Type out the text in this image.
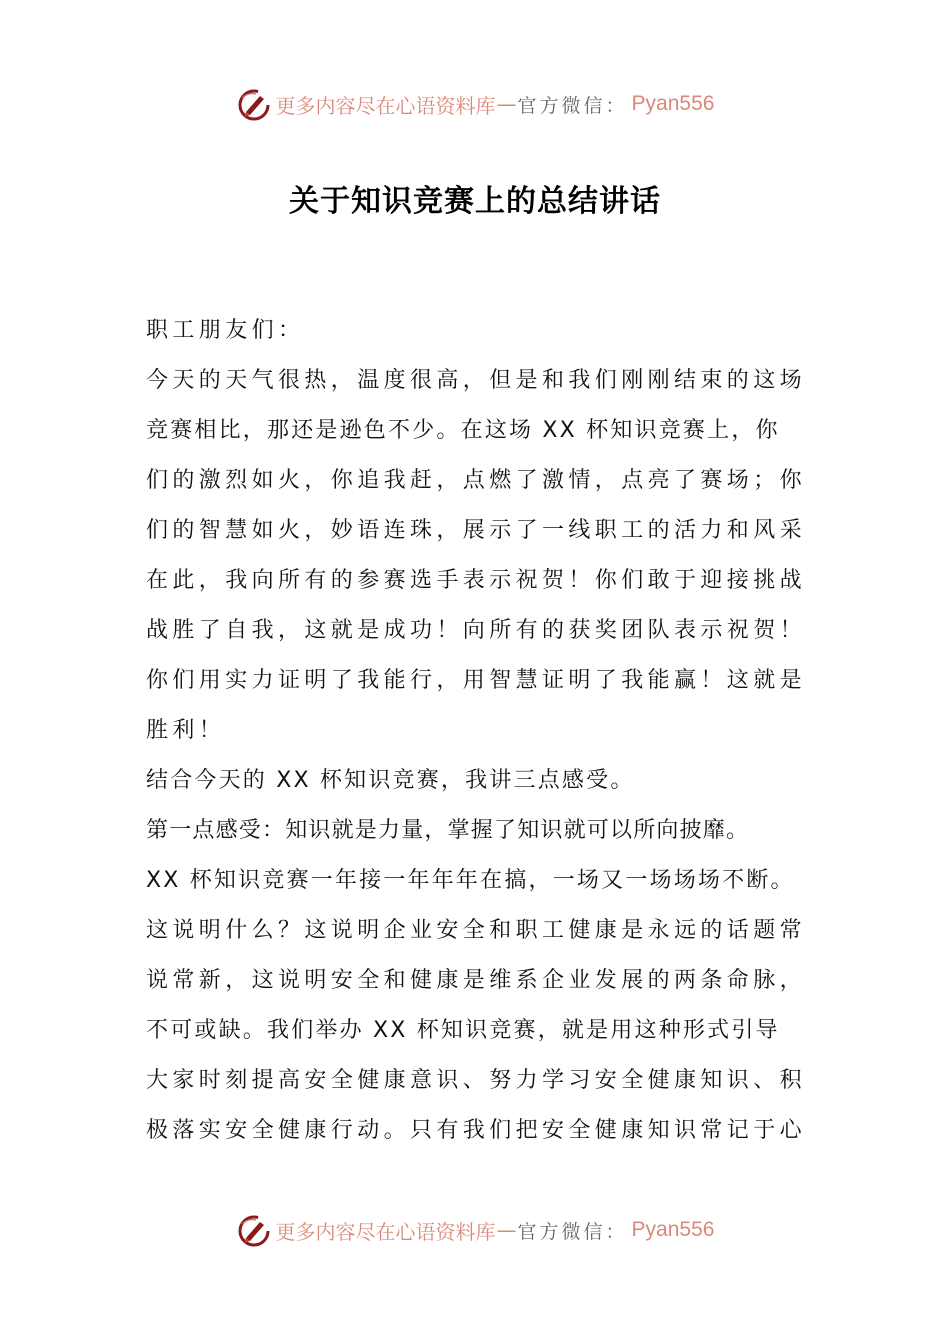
更多内容尽在心语资料库 — 官方微信： Pyan556
关于知识竞赛上的总结讲话
职工朋友们：
今天的天气很热，温度很高，但是和我们刚刚结束的这场
竞赛相比，那还是逊色不少。在这场 XX 杯知识竞赛上，你
们的激烈如火，你追我赶，点燃了激情，点亮了赛场；你
们的智慧如火，妙语连珠，展示了一线职工的活力和风采
在此，我向所有的参赛选手表示祝贺！你们敢于迎接挑战
战胜了自我，这就是成功！向所有的获奖团队表示祝贺！
你们用实力证明了我能行，用智慧证明了我能赢！这就是
胜利！
结合今天的 XX 杯知识竞赛，我讲三点感受。
第一点感受：知识就是力量，掌握了知识就可以所向披靡。
XX 杯知识竞赛一年接一年年年在搞，一场又一场场场不断。
这说明什么？这说明企业安全和职工健康是永远的话题常
说常新，这说明安全和健康是维系企业发展的两条命脉，
不可或缺。我们举办 XX 杯知识竞赛，就是用这种形式引导
大家时刻提高安全健康意识、努力学习安全健康知识、积
极落实安全健康行动。只有我们把安全健康知识常记于心
更多内容尽在心语资料库 — 官方微信： Pyan556
